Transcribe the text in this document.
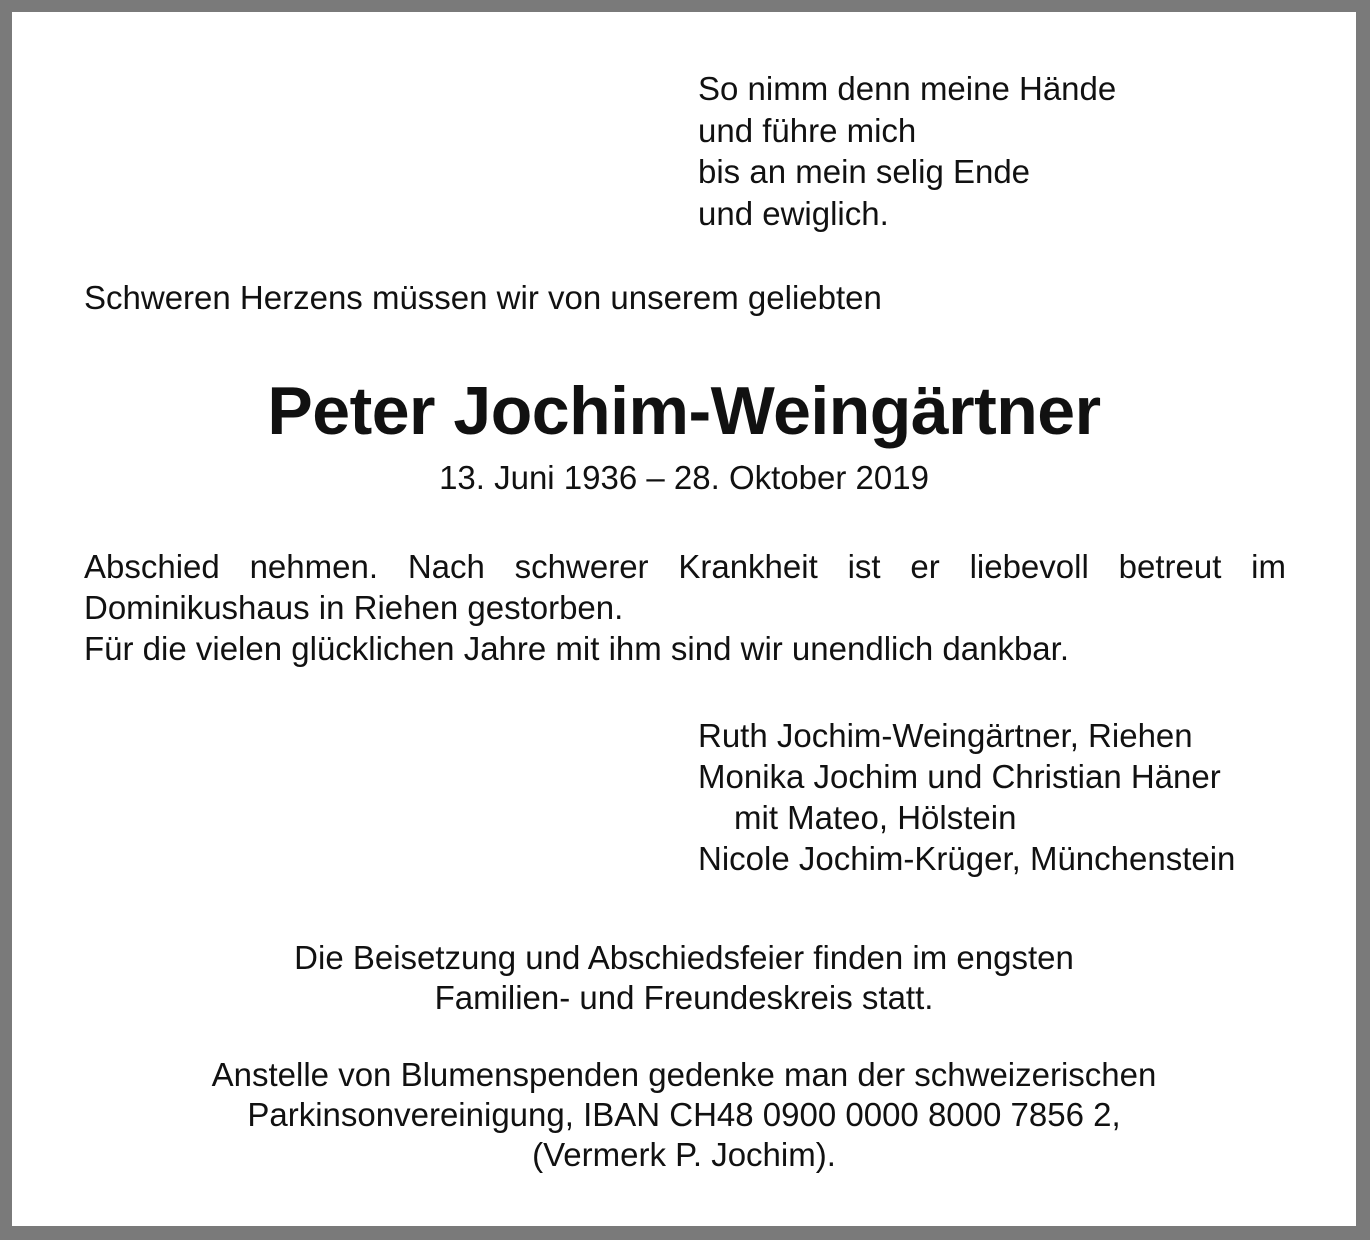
So nimm denn meine Hände
und führe mich
bis an mein selig Ende
und ewiglich.
Schweren Herzens müssen wir von unserem geliebten
Peter Jochim-Weingärtner
13. Juni 1936 – 28. Oktober 2019
Abschied nehmen. Nach schwerer Krankheit ist er liebevoll betreut im Dominikushaus in Riehen gestorben.
Für die vielen glücklichen Jahre mit ihm sind wir unendlich dankbar.
Ruth Jochim-Weingärtner, Riehen
Monika Jochim und Christian Häner
mit Mateo, Hölstein
Nicole Jochim-Krüger, Münchenstein
Die Beisetzung und Abschiedsfeier finden im engsten
Familien- und Freundeskreis statt.
Anstelle von Blumenspenden gedenke man der schweizerischen
Parkinsonvereinigung, IBAN CH48 0900 0000 8000 7856 2,
(Vermerk P. Jochim).
